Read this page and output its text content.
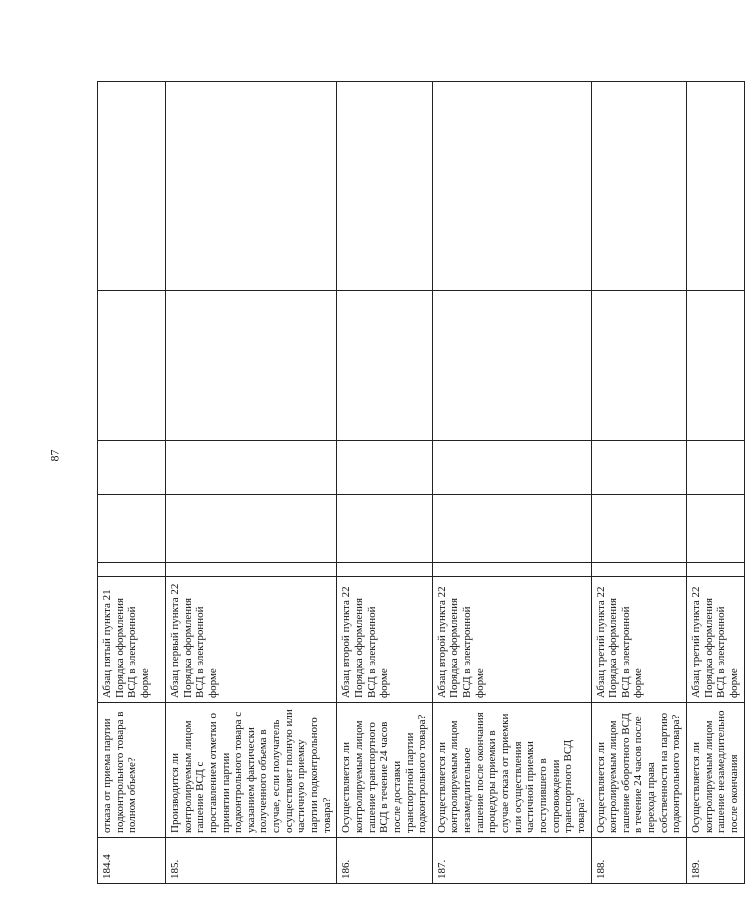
87
184.4	отказа от приема партии подконтрольного товара в полном объеме?	Абзац пятый пункта 21 Порядка оформления ВСД в электронной форме					
185.	Производится ли контролируемым лицом гашение ВСД с проставлением отметки о принятии партии подконтрольного товара с указанием фактически полученного объема в случае, если получатель осуществляет полную или частичную приемку партии подконтрольного товара?	Абзац первый пункта 22 Порядка оформления ВСД в электронной форме					
186.	Осуществляется ли контролируемым лицом гашение транспортного ВСД в течение 24 часов после доставки транспортной партии подконтрольного товара?	Абзац второй пункта 22 Порядка оформления ВСД в электронной форме					
187.	Осуществляется ли контролируемым лицом незамедлительное гашение после окончания процедуры приемки в случае отказа от приемки или осуществления частичной приемки поступившего в сопровождении транспортного ВСД товара?	Абзац второй пункта 22 Порядка оформления ВСД в электронной форме					
188.	Осуществляется ли контролируемым лицом гашение оборотного ВСД в течение 24 часов после перехода права собственности на партию подконтрольного товара?	Абзац третий пункта 22 Порядка оформления ВСД в электронной форме					
189.	Осуществляется ли контролируемым лицом гашение незамедлительно после окончания	Абзац третий пункта 22 Порядка оформления ВСД в электронной форме					
